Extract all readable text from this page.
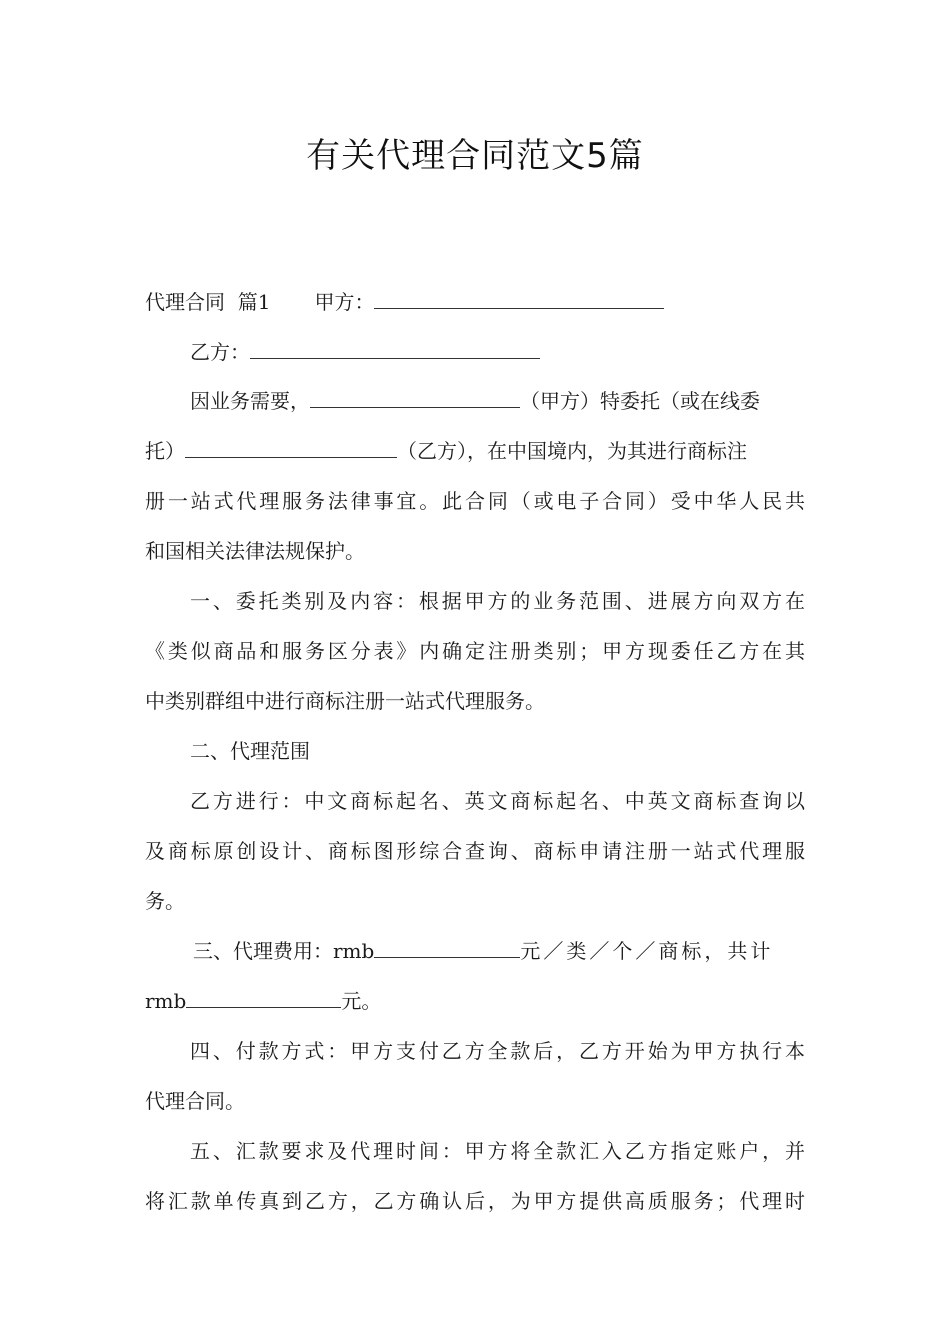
有关代理合同范文5篇
代理合同  篇1 甲方：
乙方：
因业务需要，	（甲方）特委托（或在线委
托）	（乙方），在中国境内，为其进行商标注
册一站式代理服务法律事宜。此合同（或电子合同）受中华人民共
和国相关法律法规保护。
一、委托类别及内容：根据甲方的业务范围、进展方向双方在
《类似商品和服务区分表》内确定注册类别；甲方现委任乙方在其
中类别群组中进行商标注册一站式代理服务。
二、代理范围
乙方进行：中文商标起名、英文商标起名、中英文商标查询以
及商标原创设计、商标图形综合查询、商标申请注册一站式代理服
务。
三、代理费用：rmb	元／类／个／商标，共计
rmb	元。
四、付款方式：甲方支付乙方全款后，乙方开始为甲方执行本
代理合同。
五、汇款要求及代理时间：甲方将全款汇入乙方指定账户，并
将汇款单传真到乙方，乙方确认后，为甲方提供高质服务；代理时
